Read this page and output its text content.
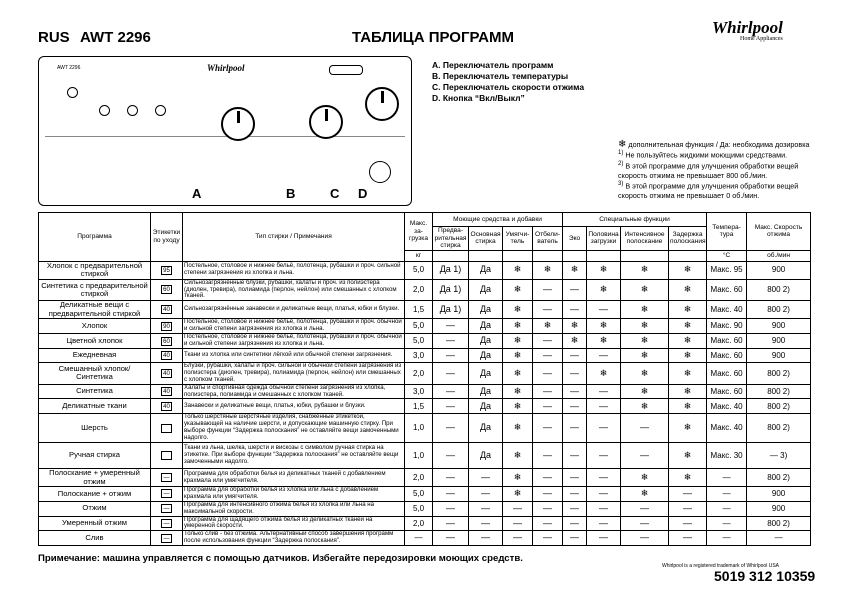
RUS AWT 2296	ТАБЛИЦА ПРОГРАММ
Whirlpool
Home Appliances
AWT 2296	Whirlpool
A	B	C D
A. Переключатель программ
B. Переключатель температуры
C. Переключатель скорости отжима
D. Кнопка “Вкл/Выкл”
❄ дополнительная функция / Да: необходима дозировка
$^{1)}$ Не пользуйтесь жидкими моющими средствами.
$^{2)}$ В этой программе для улучшения обработки вещей скорость отжима не превышает 800 об./мин.
$^{3)}$ В этой программе для улучшения обработки вещей скорость отжима не превышает 0 об./мин.
Программа	Этикетки по уходу	Тип стирки / Примечания	Макс. за-грузка	Моющие средства и добавки				Специальные функции				Темпера-тура	Макс. Скорость отжима
				Предва-рительная стирка	Основная стирка	Умягчи-тель	Отбели-ватель	Эко	Половина загрузки	Интенсивное полоскание	Задержка полоскания		
			кг									°C	об./мин
Хлопок с предварительной стиркой	95	Постельное, столовое и нижнее бельё, полотенца, рубашки и проч. сильной степени загрязнения из хлопка и льна.	5,0	Да 1)	Да	❄	❄	❄	❄	❄	❄	Макс. 95	900
Синтетика с предварительной стиркой	60	Сильнозагрязнённые блузки, рубашки, халаты и проч. из полиэстера (диолен, тревира), полиамида (перлон, нейлон) или смешанных с хлопком тканей.	2,0	Да 1)	Да	❄	—	—	❄	❄	❄	Макс. 60	800 2)
Деликатные вещи с предварительной стиркой	40	Сильнозагрязнённые занавески и деликатные вещи, платья, юбки и блузки.	1,5	Да 1)	Да	❄	—	—	—	❄	❄	Макс. 40	800 2)
Хлопок	90	Постельное, столовое и нижнее бельё, полотенца, рубашки и проч. обычной и сильной степени загрязнения из хлопка и льна.	5,0	—	Да	❄	❄	❄	❄	❄	❄	Макс. 90	900
Цветной хлопок	60	Постельное, столовое и нижнее бельё, полотенца, рубашки и проч. обычной и сильной степени загрязнения из хлопка и льна.	5,0	—	Да	❄	—	❄	❄	❄	❄	Макс. 60	900
Ежедневная	40	Ткани из хлопка или синтетики лёгкой или обычной степени загрязнения.	3,0	—	Да	❄	—	—	—	❄	❄	Макс. 60	900
Смешанный хлопок/ Синтетика	40	Блузки, рубашки, халаты и проч. сильной и обычной степени загрязнения из полиэстера (диолен, тревира), полиамида (перлон, нейлон) или смешанных с хлопком тканей.	2,0	—	Да	❄	—	—	❄	❄	❄	Макс. 60	800 2)
Синтетика	40	Халаты и спортивная одежда обычной степени загрязнения из хлопка, полиэстера, полиамида и смешанных с хлопком тканей.	3,0	—	Да	❄	—	—	—	❄	❄	Макс. 60	800 2)
Деликатные ткани	40	Занавески и деликатные вещи, платья, юбки, рубашки и блузки.	1,5	—	Да	❄	—	—	—	❄	❄	Макс. 40	800 2)
Шерсть		Только шерстяные шерстяные изделия, снабжённые этикеткой, указывающей на наличие шерсти, и допускающие машинную стирку. При выборе функции “Задержка полоскания” не оставляйте вещи замоченными надолго.	1,0	—	Да	❄	—	—	—	—	❄	Макс. 40	800 2)
Ручная стирка		Ткани из льна, шелка, шерсти и вискозы с символом ручная стирка на этикетке. При выборе функции “Задержка полоскания” не оставляйте вещи замоченными надолго.	1,0	—	Да	❄	—	—	—	—	❄	Макс. 30	— 3)
Полоскание + умеренный отжим	—	Программа для обработки белья из деликатных тканей с добавлением крахмала или умягчителя.	2,0	—	—	❄	—	—	—	❄	❄	—	800 2)
Полоскание + отжим	—	Программа для обработки белья из хлопка или льна с добавлением крахмала или умягчителя.	5,0	—	—	❄	—	—	—	❄	—	—	900
Отжим	—	Программа для интенсивного отжима белья из хлопка или льна на максимальной скорости.	5,0	—	—	—	—	—	—	—	—	—	900
Умеренный отжим	—	Программа для щадящего отжима белья из деликатных тканей на умеренной скорости.	2,0	—	—	—	—	—	—	—	—	—	800 2)
Слив	—	Только слив - без отжима. Альтернативный способ завершения программ после использования функции “Задержка полоскания”.	—	—	—	—	—	—	—	—	—	—	—
Примечание: машина управляется с помощью датчиков. Избегайте передозировки моющих средств.
Whirlpool is a registered trademark of Whirlpool USA
5019 312 10359
